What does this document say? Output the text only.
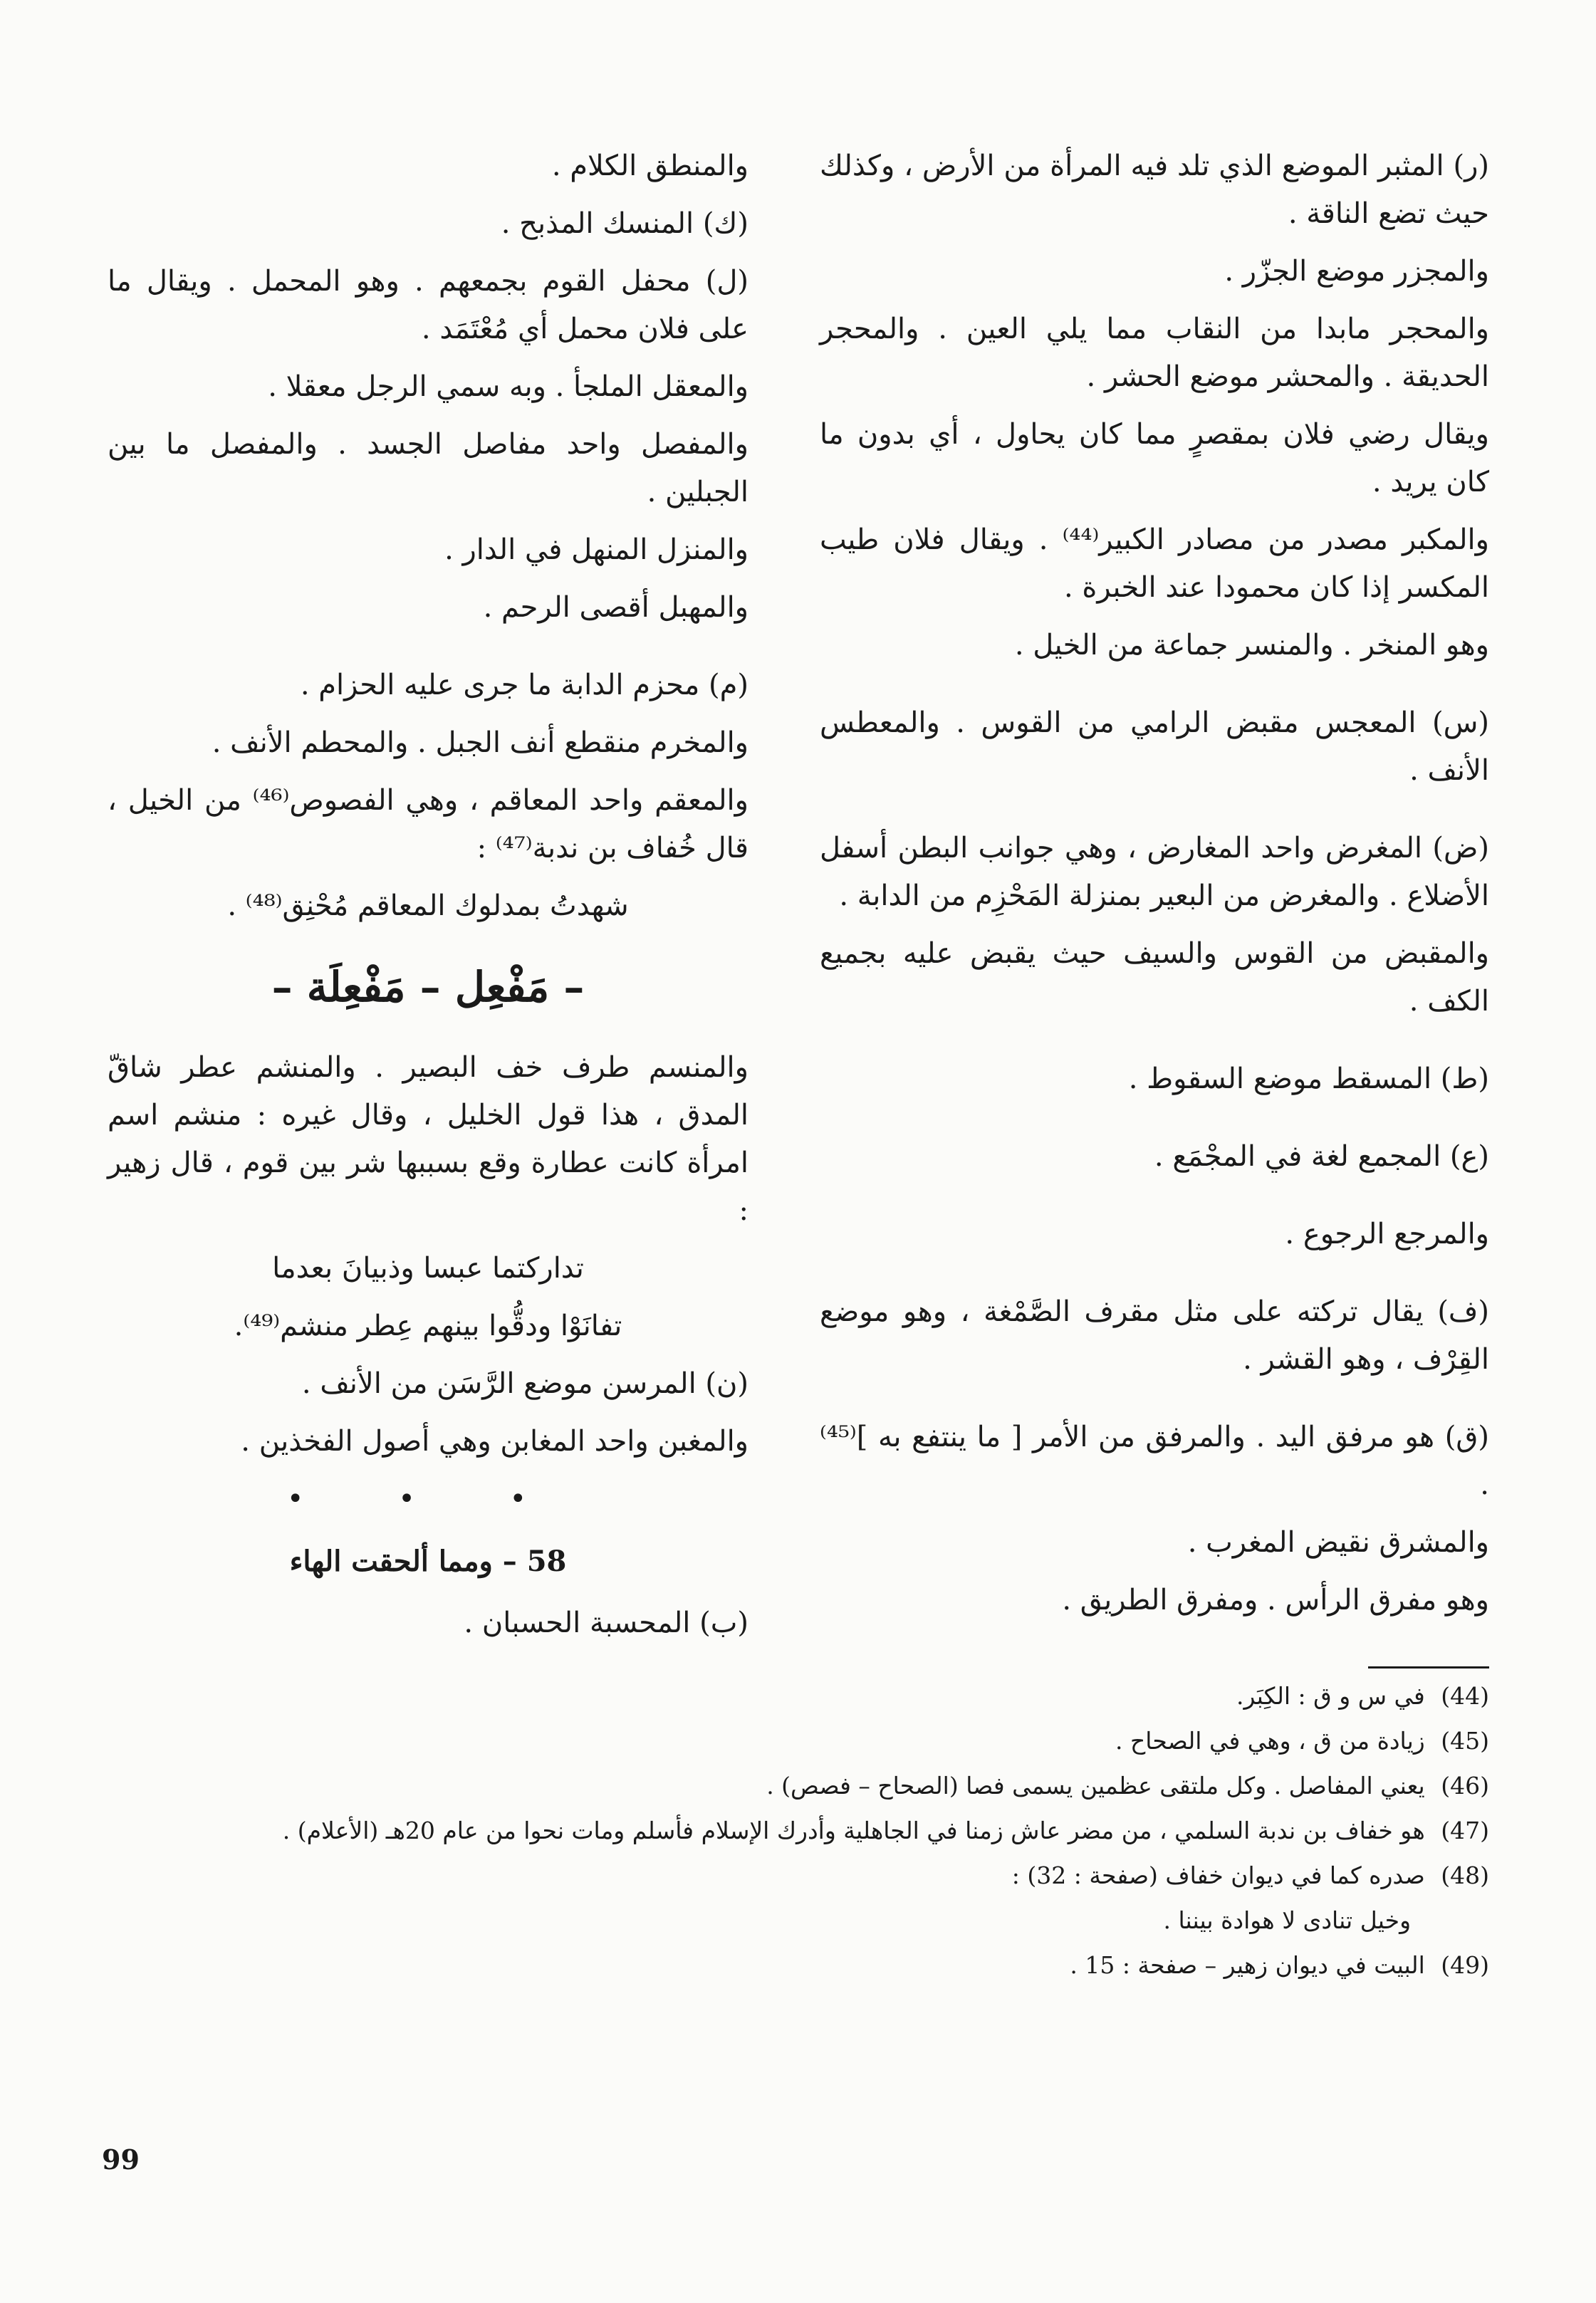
(ر) المثبر الموضع الذي تلد فيه المرأة من الأرض ، وكذلك حيث تضع الناقة .

والمجزر موضع الجزّر .

والمحجر مابدا من النقاب مما يلي العين . والمحجر الحديقة . والمحشر موضع الحشر .

ويقال رضي فلان بمقصرٍ مما كان يحاول ، أي بدون ما كان يريد .

والمكبر مصدر من مصادر الكبير⁽⁴⁴⁾ . ويقال فلان طيب المكسر إذا كان محمودا عند الخبرة .

وهو المنخر . والمنسر جماعة من الخيل .

(س) المعجس مقبض الرامي من القوس . والمعطس الأنف .

(ض) المغرض واحد المغارض ، وهي جوانب البطن أسفل الأضلاع . والمغرض من البعير بمنزلة المَحْزِم من الدابة .

والمقبض من القوس والسيف حيث يقبض عليه بجميع الكف .

(ط) المسقط موضع السقوط .

(ع) المجمع لغة في المجْمَع .

والمرجع الرجوع .

(ف) يقال تركته على مثل مقرف الصَّمْغة ، وهو موضع القِرْف ، وهو القشر .

(ق) هو مرفق اليد . والمرفق من الأمر [ ما ينتفع به ]⁽⁴⁵⁾ .

والمشرق نقيض المغرب .

وهو مفرق الرأس . ومفرق الطريق .

والمنطق الكلام .

(ك) المنسك المذبح .

(ل) محفل القوم بجمعهم . وهو المحمل . ويقال ما على فلان محمل أي مُعْتَمَد .

والمعقل الملجأ . وبه سمي الرجل معقلا .

والمفصل واحد مفاصل الجسد . والمفصل ما بين الجبلين .

والمنزل المنهل في الدار .

والمهبل أقصى الرحم .

(م) محزم الدابة ما جرى عليه الحزام .

والمخرم منقطع أنف الجبل . والمحطم الأنف .

والمعقم واحد المعاقم ، وهي الفصوص⁽⁴⁶⁾ من الخيل ، قال خُفاف بن ندبة⁽⁴⁷⁾ :

شهدتُ بمدلوك المعاقم مُحْنِق⁽⁴⁸⁾ .

– مَفْعِل – مَفْعِلَة –

والمنسم طرف خف البصير . والمنشم عطر شاقّ المدق ، هذا قول الخليل ، وقال غيره : منشم اسم امرأة كانت عطارة وقع بسببها شر بين قوم ، قال زهير :

تداركتما عبسا وذبيانَ بعدما

تفانَوْا ودقُّوا بينهم عِطر منشم⁽⁴⁹⁾.

(ن) المرسن موضع الرَّسَن من الأنف .

والمغبن واحد المغابن وهي أصول الفخذين .

• • •
58 – ومما ألحقت الهاء

(ب) المحسبة الحسبان .

(44) في س و ق : الكِبَر.
(45) زيادة من ق ، وهي في الصحاح .
(46) يعني المفاصل . وكل ملتقى عظمين يسمى فصا (الصحاح – فصص) .
(47) هو خفاف بن ندبة السلمي ، من مضر عاش زمنا في الجاهلية وأدرك الإسلام فأسلم ومات نحوا من عام 20هـ (الأعلام) .
(48) صدره كما في ديوان خفاف (صفحة : 32) :
وخيل تنادى لا هوادة بيننا .
(49) البيت في ديوان زهير – صفحة : 15 .
99
